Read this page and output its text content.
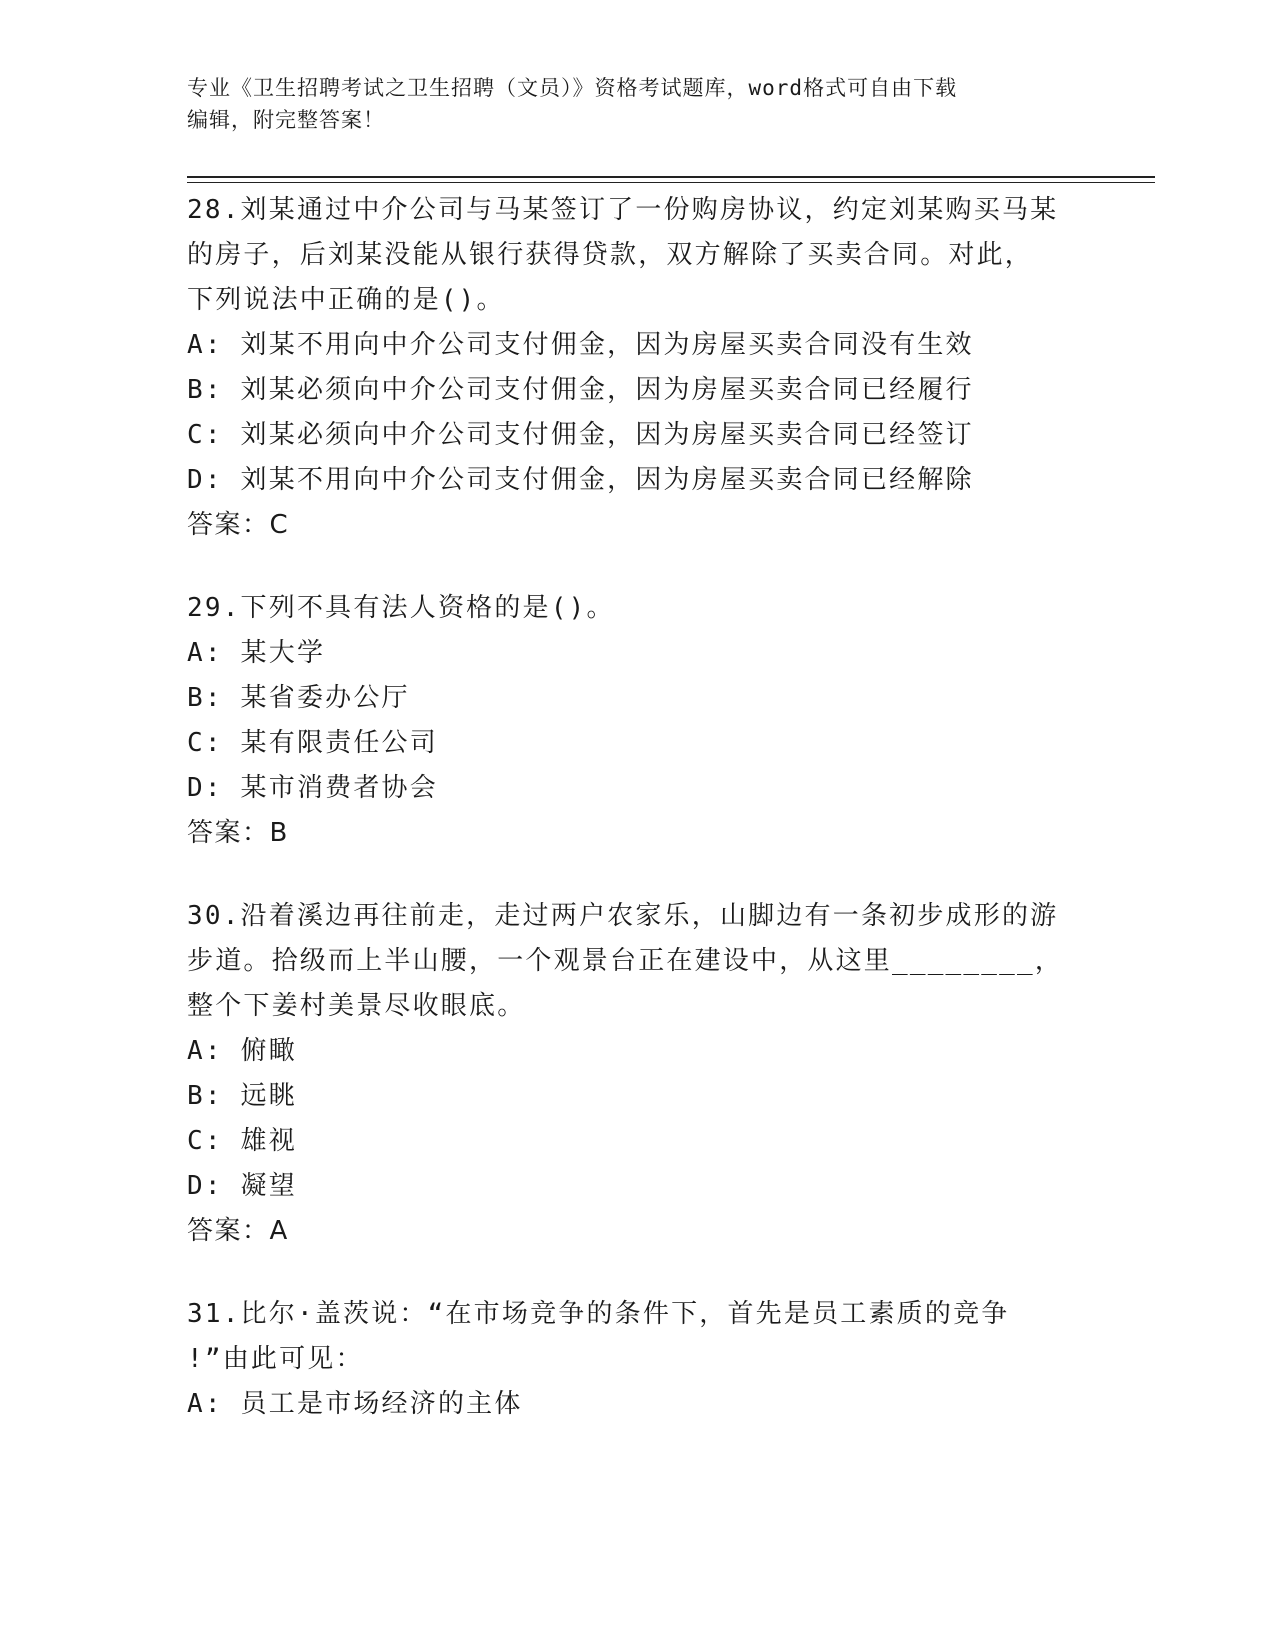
专业《卫生招聘考试之卫生招聘（文员）》资格考试题库，word格式可自由下载
编辑，附完整答案！
28.刘某通过中介公司与马某签订了一份购房协议，约定刘某购买马某
的房子，后刘某没能从银行获得贷款，双方解除了买卖合同。对此，
下列说法中正确的是()。
A: 刘某不用向中介公司支付佣金，因为房屋买卖合同没有生效
B: 刘某必须向中介公司支付佣金，因为房屋买卖合同已经履行
C: 刘某必须向中介公司支付佣金，因为房屋买卖合同已经签订
D: 刘某不用向中介公司支付佣金，因为房屋买卖合同已经解除
答案：C
29.下列不具有法人资格的是()。
A: 某大学
B: 某省委办公厅
C: 某有限责任公司
D: 某市消费者协会
答案：B
30.沿着溪边再往前走，走过两户农家乐，山脚边有一条初步成形的游
步道。拾级而上半山腰，一个观景台正在建设中，从这里________，
整个下姜村美景尽收眼底。
A: 俯瞰
B: 远眺
C: 雄视
D: 凝望
答案：A
31.比尔·盖茨说：“在市场竞争的条件下，首先是员工素质的竞争
!”由此可见：
A: 员工是市场经济的主体
